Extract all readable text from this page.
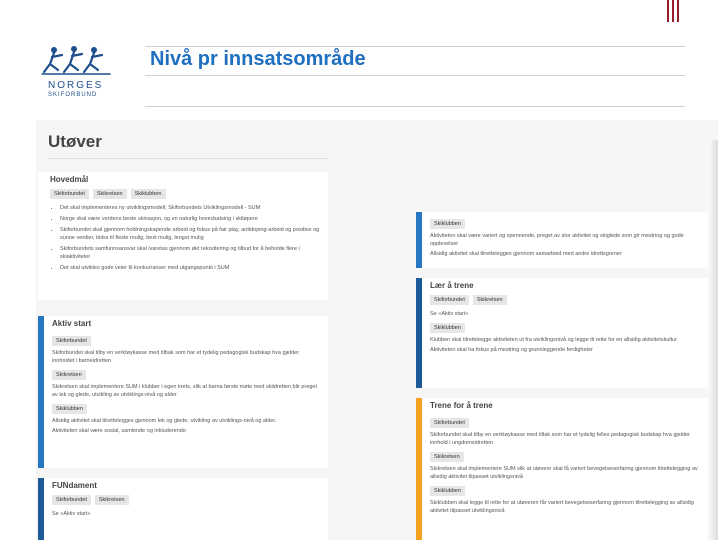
NORGES
SKIFORBUND
Nivå pr innsatsområde
Utøver
Hovedmål
Skiforbundet	Skikretsen	Skiklubben
• Det skal implementeres ny utviklingsmodell; Skiforbundets Utviklingsmodell - SUM
• Norge skal være verdens beste skinasjon, og en naturlig hovedsatsing i skiløpere
• Skiforbundet skal gjennom holdningskapende arbeid og fokus på fair play, antidoping-arbeid og positive og sunne verdier, bidra til fleste mulig, best mulig, lengst mulig
• Skiforbundets samfunnsansvar skal ivaretas gjennom økt rekruttering og tilbud for å beholde flere i skiaktiviteter
• Det skal utvikles gode veier til konkurranser med utgangspunkt i SUM
Aktiv start
Skiforbundet

Skiforbundet skal tilby en verktøykasse med tilbak som har et tydelig pedagogisk budskap hva gjelder innholdet i barneidretten

Skikretsen

Skikretsen skal implementere SUM i klubber i egen krets, slik at barna første møte med skiidretten blir preget av lek og glede, utvikling av utviklings-nivå og alder

Skiklubben

Allsidig aktivitet skal tilrettelegges gjennom lek og glede, utvikling av utviklings-nivå og alder.

Aktiviteten skal være sosial, samlende og inkluderende

FUNdament
Skiforbundet	Skikretsen

Se «Aktiv start»

Skiklubben

Aktiviteten skal være variert og spennende, preget av stor aktivitet og skiglede som gir mestring og gode opplevelser

Allsidig aktivitet skal tilrettelegges gjennom samarbeid med andre idrettsgrener

Lær å trene
Skiforbundet	Skikretsen

Se «Aktiv start»

Skiklubben

Klubben skal tilrettelegge aktiviteten ut fra utviklingsnivå og legge til rette for en allsidig aktivitetskultur

Aktiviteten skal ha fokus på mestring og grunnleggende ferdigheter

Trene for å trene
Skiforbundet

Skiforbundet skal tilby en verktøykasse med tiltak som har et tydelig felles pedagogisk budskap hva gjelder innhold i ungdomsidretten

Skikretsen

Skikretsen skal implementere SUM slik at utøvere skal få variert bevegelseserfaring gjennom tilrettelegging av allsidig aktivitet tilpasset utviklingsnivå

Skiklubben

Skiklubben skal legge til rette for at utøveren får variert bevegelseserfaring gjennom tilrettelegging av allsidig aktivitet tilpasset utviklingsnivå
